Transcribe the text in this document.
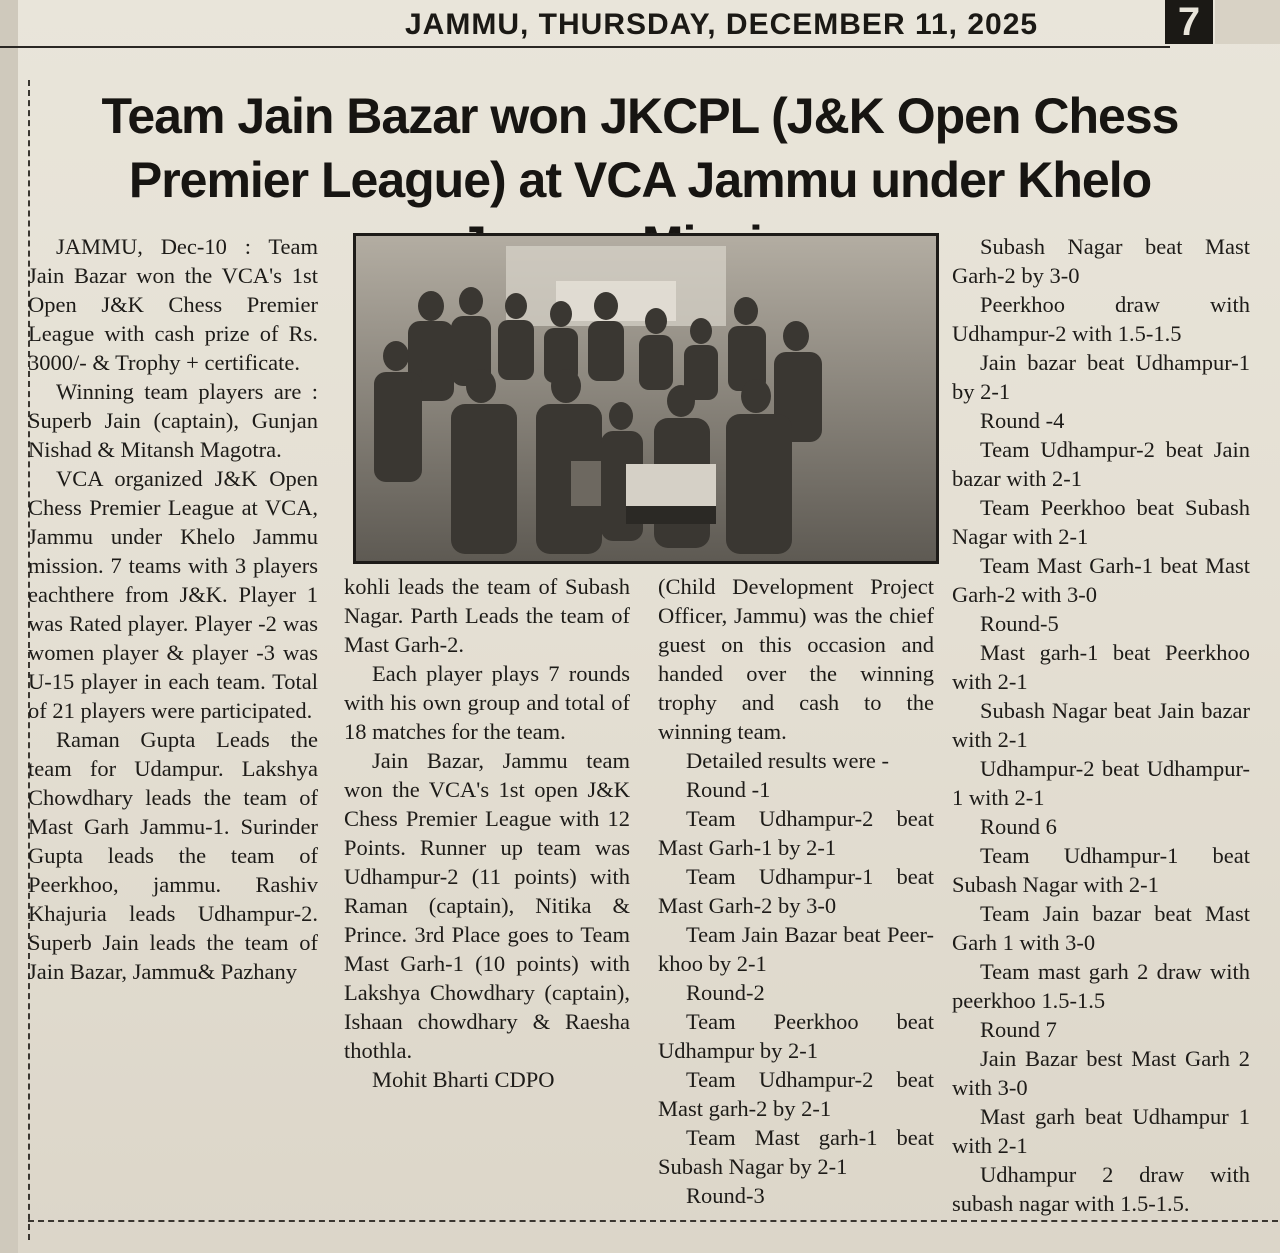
JAMMU, THURSDAY, DECEMBER 11, 2025	7
Team Jain Bazar won JKCPL (J&K Open Chess Premier League) at VCA Jammu under Khelo

JAMMU, Dec-10 : Team Jain Bazar won the VCA's 1st Open J&K Chess Premier League with cash prize of Rs. 3000/- & Trophy + certificate.

Winning team players are : Superb Jain (captain), Gunjan Nishad & Mitansh Magotra.

VCA organized J&K Open Chess Premier League at VCA, Jammu under Khelo Jammu mission. 7 teams with 3 players eachthere from J&K. Player 1 was Rated player. Player -2 was women player & player -3 was U-15 player in each team. Total of 21 players were participated.

Raman Gupta Leads the team for Udampur. Lakshya Chowdhary leads the team of Mast Garh Jammu-1. Surinder Gupta leads the team of Peerkhoo, jammu. Rashiv Khajuria leads Udhampur-2. Superb Jain leads the team of Jain Bazar, Jammu& Pazhany

kohli leads the team of Subash Nagar. Parth Leads the team of Mast Garh-2.

Each player plays 7 rounds with his own group and total of 18 matches for the team.

Jain Bazar, Jammu team won the VCA's 1st open J&K Chess Premier League with 12 Points. Runner up team was Udhampur-2 (11 points) with Raman (captain), Nitika & Prince. 3rd Place goes to Team Mast Garh-1 (10 points) with Lakshya Chowdhary (captain), Ishaan chowdhary & Raesha thothla.

Mohit Bharti CDPO

(Child Development Project Officer, Jammu) was the chief guest on this occasion and handed over the winning trophy and cash to the winning team.

Detailed results were -

Round -1

Team Udhampur-2 beat Mast Garh-1 by 2-1

Team Udhampur-1 beat Mast Garh-2 by 3-0

Team Jain Bazar beat Peer-khoo by 2-1

Round-2

Team Peerkhoo beat Udhampur by 2-1

Team Udhampur-2 beat Mast garh-2 by 2-1

Team Mast garh-1 beat Subash Nagar by 2-1

Round-3

Subash Nagar beat Mast Garh-2 by 3-0

Peerkhoo draw with Udhampur-2 with 1.5-1.5

Jain bazar beat Udhampur-1 by 2-1

Round -4

Team Udhampur-2 beat Jain bazar with 2-1

Team Peerkhoo beat Subash Nagar with 2-1

Team Mast Garh-1 beat Mast Garh-2 with 3-0

Round-5

Mast garh-1 beat Peerkhoo with 2-1

Subash Nagar beat Jain bazar with 2-1

Udhampur-2 beat Udhampur-1 with 2-1

Round 6

Team Udhampur-1 beat Subash Nagar with 2-1

Team Jain bazar beat Mast Garh 1 with 3-0

Team mast garh 2 draw with peerkhoo 1.5-1.5

Round 7

Jain Bazar best Mast Garh 2 with 3-0

Mast garh beat Udhampur 1 with 2-1

Udhampur 2 draw with subash nagar with 1.5-1.5.
